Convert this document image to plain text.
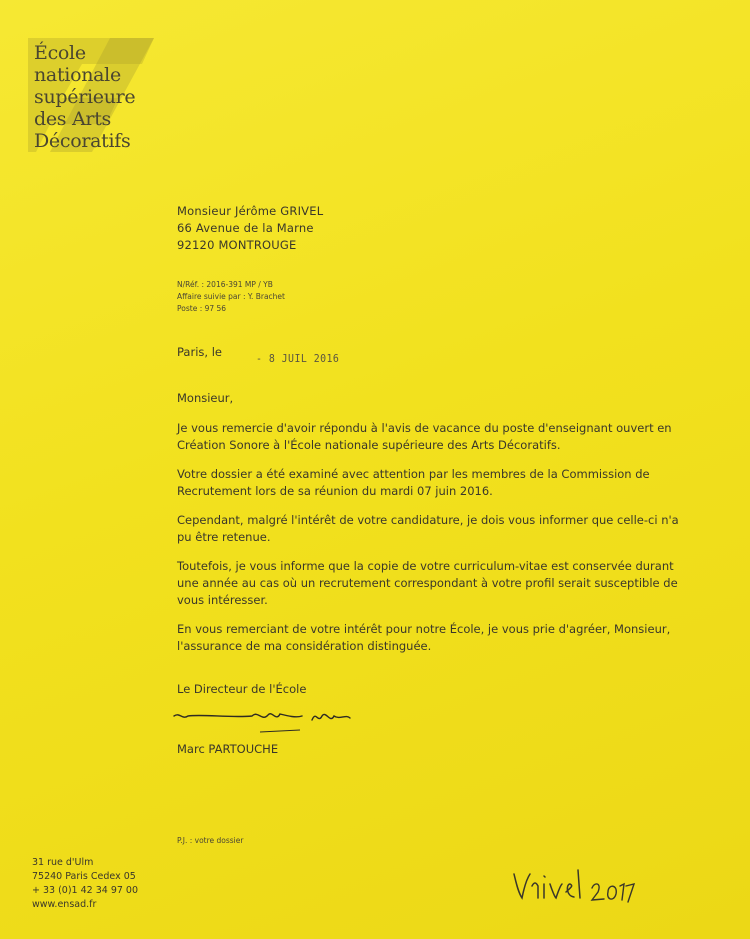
École
nationale
supérieure
des Arts
Décoratifs
Monsieur Jérôme GRIVEL
66 Avenue de la Marne
92120 MONTROUGE
N/Réf. : 2016-391 MP / YB
Affaire suivie par : Y. Brachet
Poste : 97 56
Paris, le	- 8 JUIL 2016

Monsieur,

Je vous remercie d'avoir répondu à l'avis de vacance du poste d'enseignant ouvert en Création Sonore à l'École nationale supérieure des Arts Décoratifs.

Votre dossier a été examiné avec attention par les membres de la Commission de Recrutement lors de sa réunion du mardi 07 juin 2016.

Cependant, malgré l'intérêt de votre candidature, je dois vous informer que celle-ci n'a pu être retenue.

Toutefois, je vous informe que la copie de votre curriculum-vitae est conservée durant une année au cas où un recrutement correspondant à votre profil serait susceptible de vous intéresser.

En vous remerciant de votre intérêt pour notre École, je vous prie d'agréer, Monsieur, l'assurance de ma considération distinguée.

Le Directeur de l'École
Marc PARTOUCHE
P.J. : votre dossier
31 rue d'Ulm
75240 Paris Cedex 05
+ 33 (0)1 42 34 97 00
www.ensad.fr
